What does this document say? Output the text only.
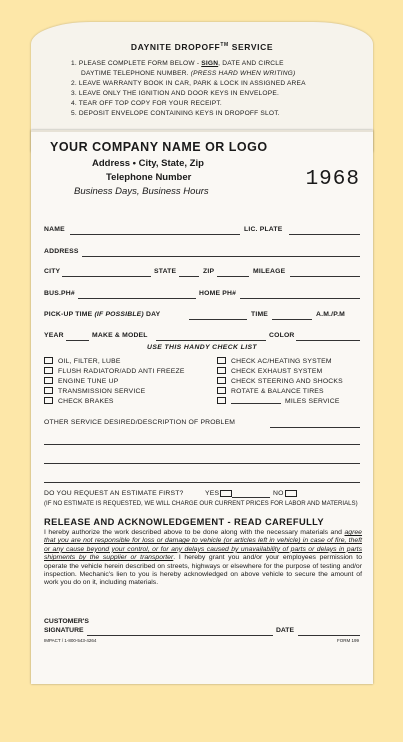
DAYNITE DROPOFF™ SERVICE
1. PLEASE COMPLETE FORM BELOW - SIGN, DATE AND CIRCLE
DAYTIME TELEPHONE NUMBER. (PRESS HARD WHEN WRITING)
2. LEAVE WARRANTY BOOK IN CAR, PARK & LOCK IN ASSIGNED AREA
3. LEAVE ONLY THE IGNITION AND DOOR KEYS IN ENVELOPE.
4. TEAR OFF TOP COPY FOR YOUR RECEIPT.
5. DEPOSIT ENVELOPE CONTAINING KEYS IN DROPOFF SLOT.
YOUR COMPANY NAME OR LOGO
Address • City, State, Zip
Telephone Number
Business Days, Business Hours
1968
NAME	LIC. PLATE
ADDRESS
CITY	STATE	ZIP	MILEAGE
BUS.PH#	HOME PH#
PICK-UP TIME (IF POSSIBLE) DAY	TIME	A.M./P.M
YEAR	MAKE & MODEL	COLOR
USE THIS HANDY CHECK LIST
OIL, FILTER, LUBE
FLUSH RADIATOR/ADD ANTI FREEZE
ENGINE TUNE UP
TRANSMISSION SERVICE
CHECK BRAKES
CHECK AC/HEATING SYSTEM
CHECK EXHAUST SYSTEM
CHECK STEERING AND SHOCKS
ROTATE & BALANCE TIRES
MILES SERVICE
OTHER SERVICE DESIRED/DESCRIPTION OF PROBLEM
DO YOU REQUEST AN ESTIMATE FIRST?	YES	NO
(IF NO ESTIMATE IS REQUESTED, WE WILL CHARGE OUR CURRENT PRICES FOR LABOR AND MATERIALS)
RELEASE AND ACKNOWLEDGEMENT - READ CAREFULLY
I hereby authorize the work described above to be done along with the necessary materials and agree that you are not responsible for loss or damage to vehicle (or articles left in vehicle) in case of fire, theft or any cause beyond your control, or for any delays caused by unavailability of parts or delays in parts shipments by the supplier or transporter. I hereby grant you and/or your employees permission to operate the vehicle herein described on streets, highways or elsewhere for the purpose of testing and/or inspection. Mechanic's lien to you is hereby acknowledged on above vehicle to secure the amount of work you do on it, including materials.
CUSTOMER'S
SIGNATURE	DATE
IMPACT / 1-800-543-4264	FORM 199
